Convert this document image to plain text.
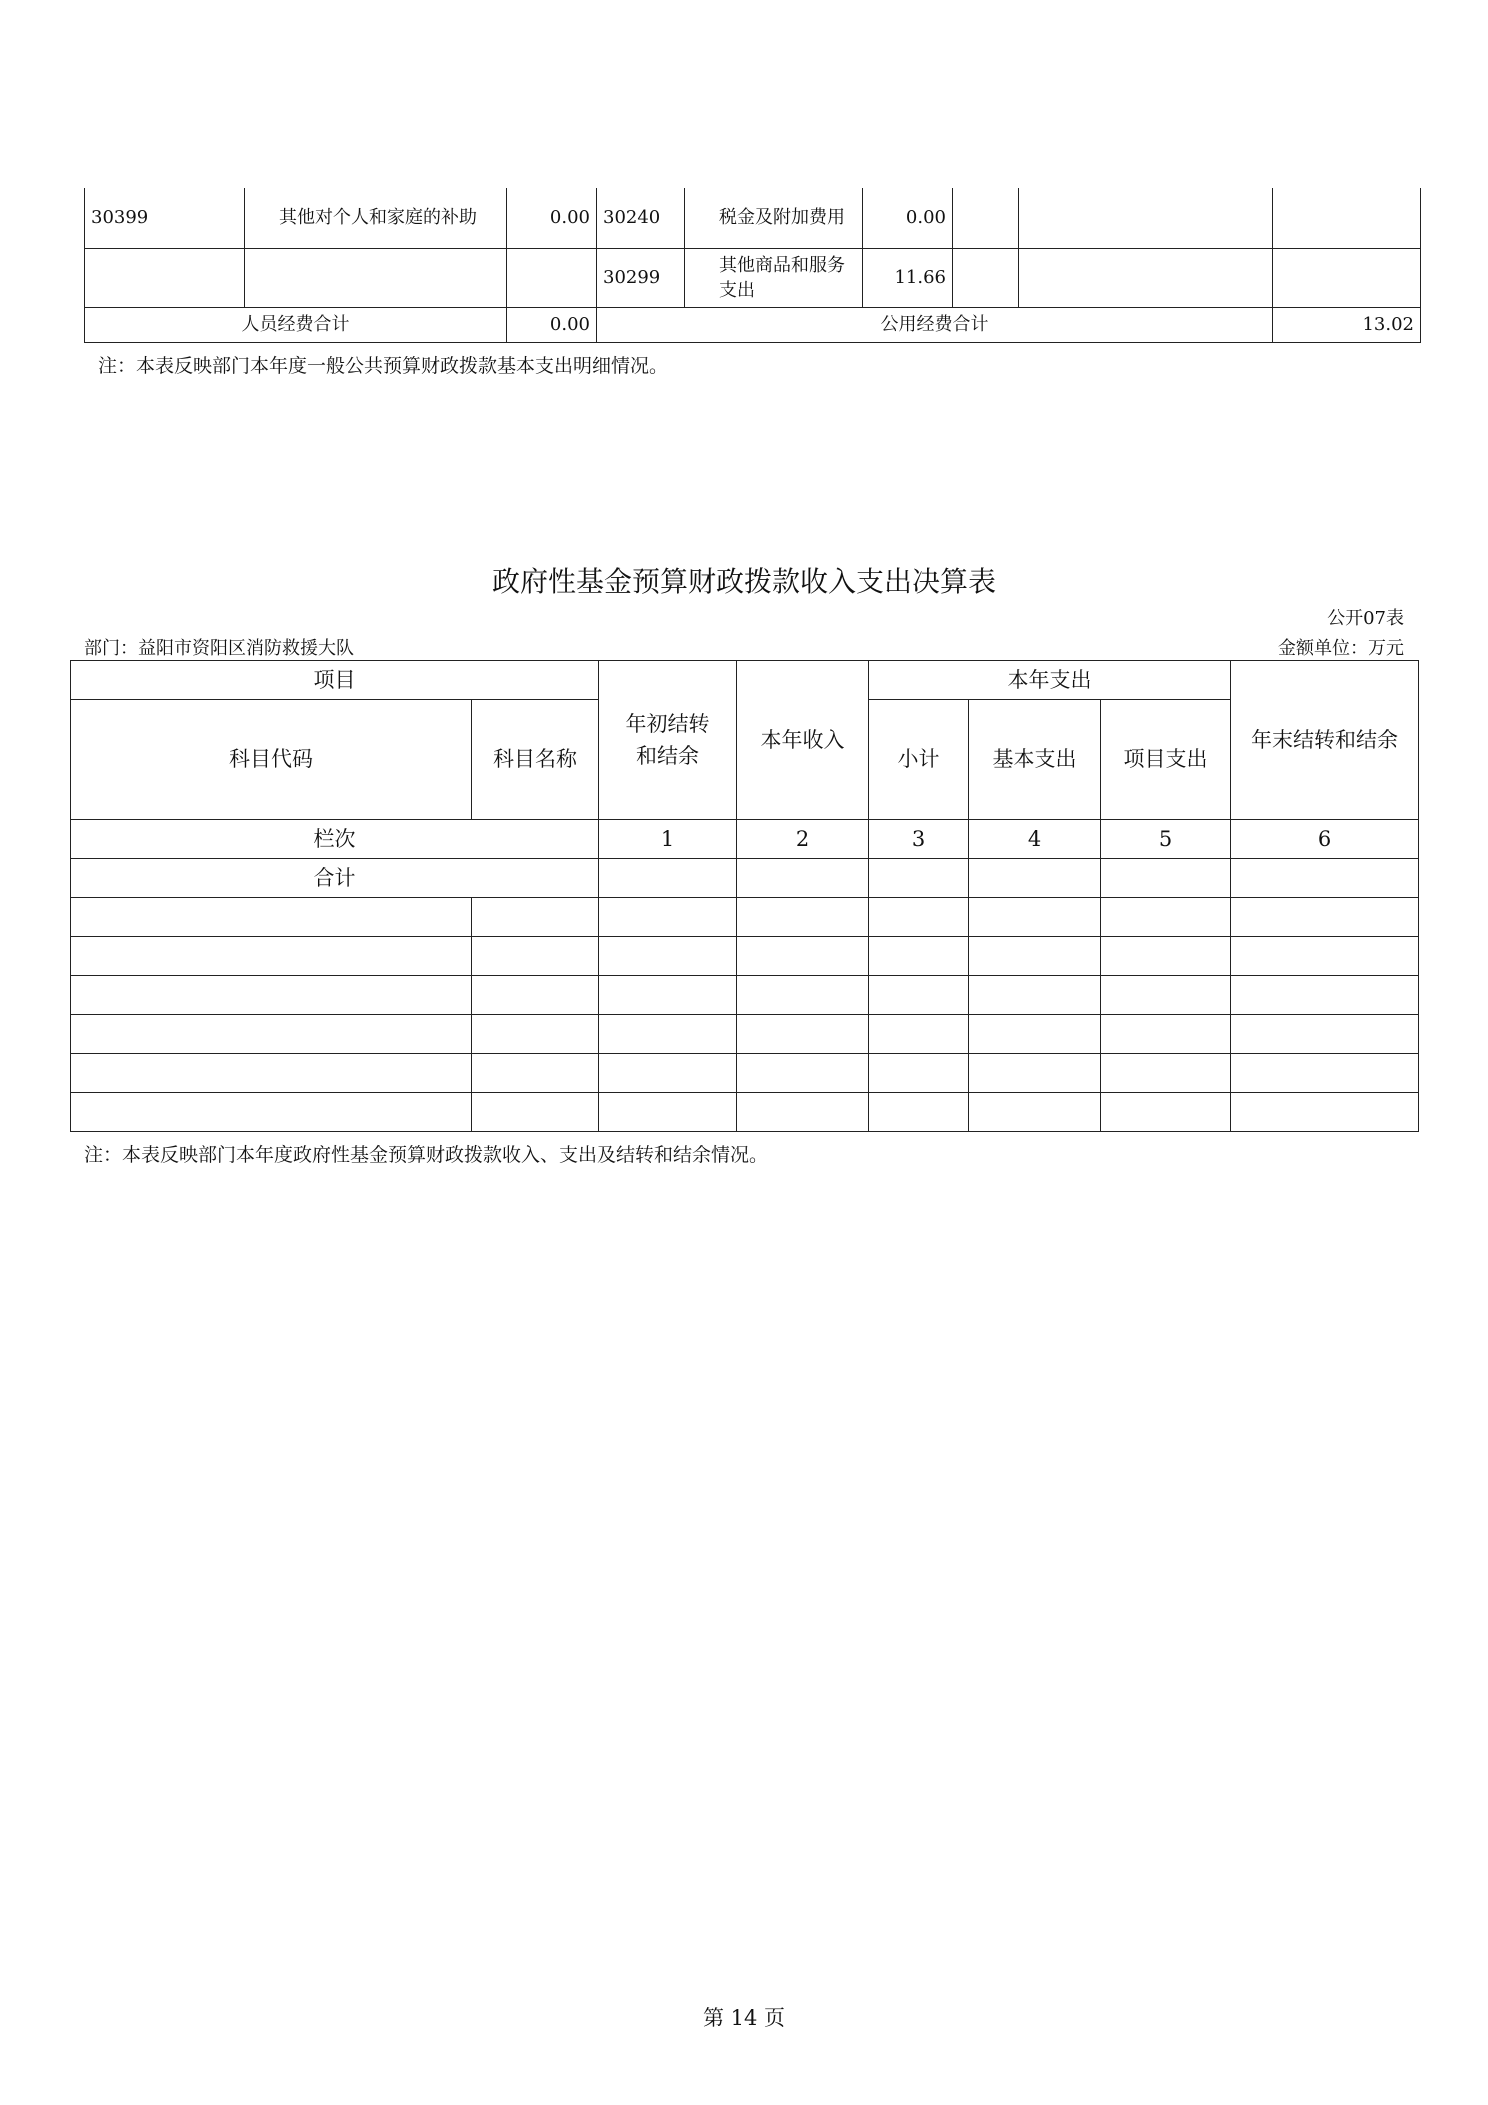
30399	其他对个人和家庭的补助	0.00	30240	税金及附加费用	0.00			
			30299	其他商品和服务支出	11.66			
人员经费合计		0.00	公用经费合计					13.02
注：本表反映部门本年度一般公共预算财政拨款基本支出明细情况。
政府性基金预算财政拨款收入支出决算表
公开07表
部门：益阳市资阳区消防救援大队	金额单位：万元
项目		年初结转和结余	本年收入	本年支出			年末结转和结余
科目代码	科目名称			小计	基本支出	项目支出	
栏次		1	2	3	4	5	6
合计							

注：本表反映部门本年度政府性基金预算财政拨款收入、支出及结转和结余情况。
第 14 页
